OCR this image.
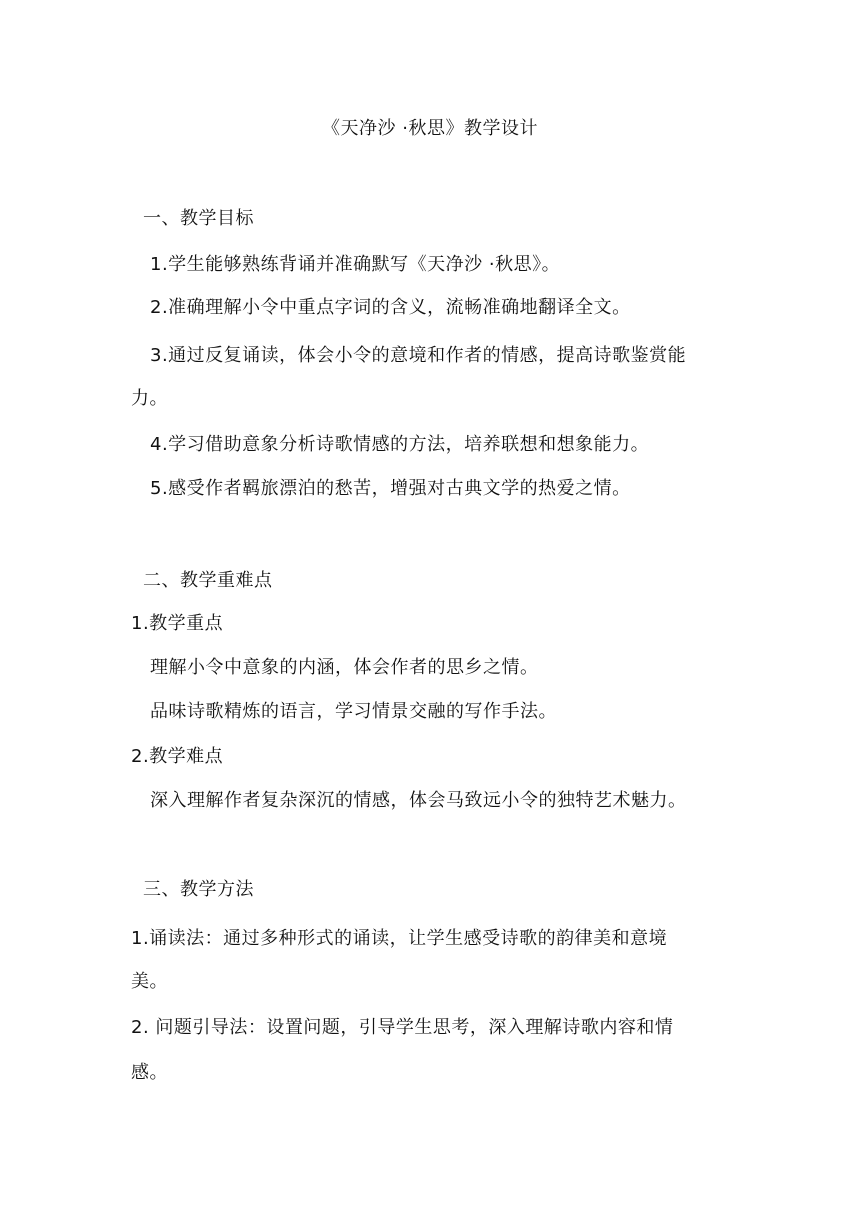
《天净沙 ·秋思》教学设计
一、教学目标
1.学生能够熟练背诵并准确默写《天净沙 ·秋思》。
2.准确理解小令中重点字词的含义，流畅准确地翻译全文。
3.通过反复诵读，体会小令的意境和作者的情感，提高诗歌鉴赏能
力。
4.学习借助意象分析诗歌情感的方法，培养联想和想象能力。
5.感受作者羁旅漂泊的愁苦，增强对古典文学的热爱之情。
二、教学重难点
1.教学重点
理解小令中意象的内涵，体会作者的思乡之情。
品味诗歌精炼的语言，学习情景交融的写作手法。
2.教学难点
深入理解作者复杂深沉的情感，体会马致远小令的独特艺术魅力。
三、教学方法
1.诵读法：通过多种形式的诵读，让学生感受诗歌的韵律美和意境
美。
2. 问题引导法：设置问题，引导学生思考，深入理解诗歌内容和情
感。
